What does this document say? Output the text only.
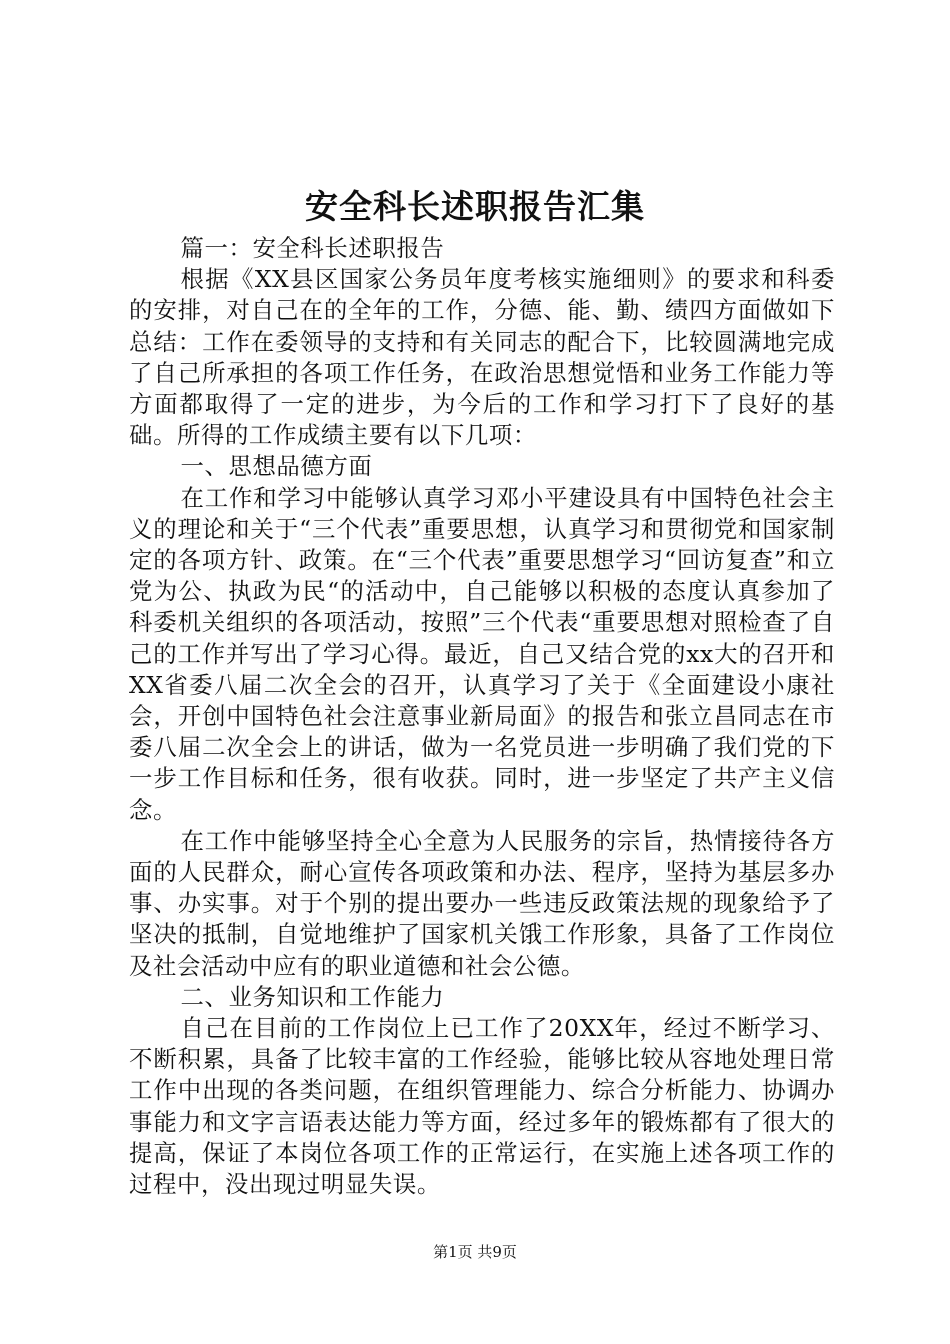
安全科长述职报告汇集

篇一：安全科长述职报告

根据《XX县区国家公务员年度考核实施细则》的要求和科委的安排，对自己在的全年的工作，分德、能、勤、绩四方面做如下总结：工作在委领导的支持和有关同志的配合下，比较圆满地完成了自己所承担的各项工作任务，在政治思想觉悟和业务工作能力等方面都取得了一定的进步，为今后的工作和学习打下了良好的基础。所得的工作成绩主要有以下几项：

一、思想品德方面

在工作和学习中能够认真学习邓小平建设具有中国特色社会主义的理论和关于“三个代表”重要思想，认真学习和贯彻党和国家制定的各项方针、政策。在“三个代表”重要思想学习“回访复查”和立党为公、执政为民“的活动中，自己能够以积极的态度认真参加了科委机关组织的各项活动，按照”三个代表“重要思想对照检查了自己的工作并写出了学习心得。最近，自己又结合党的xx大的召开和XX省委八届二次全会的召开，认真学习了关于《全面建设小康社会，开创中国特色社会注意事业新局面》的报告和张立昌同志在市委八届二次全会上的讲话，做为一名党员进一步明确了我们党的下一步工作目标和任务，很有收获。同时，进一步坚定了共产主义信念。

在工作中能够坚持全心全意为人民服务的宗旨，热情接待各方面的人民群众，耐心宣传各项政策和办法、程序，坚持为基层多办事、办实事。对于个别的提出要办一些违反政策法规的现象给予了坚决的抵制，自觉地维护了国家机关饿工作形象，具备了工作岗位及社会活动中应有的职业道德和社会公德。

二、业务知识和工作能力

自己在目前的工作岗位上已工作了20XX年，经过不断学习、不断积累，具备了比较丰富的工作经验，能够比较从容地处理日常工作中出现的各类问题，在组织管理能力、综合分析能力、协调办事能力和文字言语表达能力等方面，经过多年的锻炼都有了很大的提高，保证了本岗位各项工作的正常运行，在实施上述各项工作的过程中，没出现过明显失误。

第1页 共9页
